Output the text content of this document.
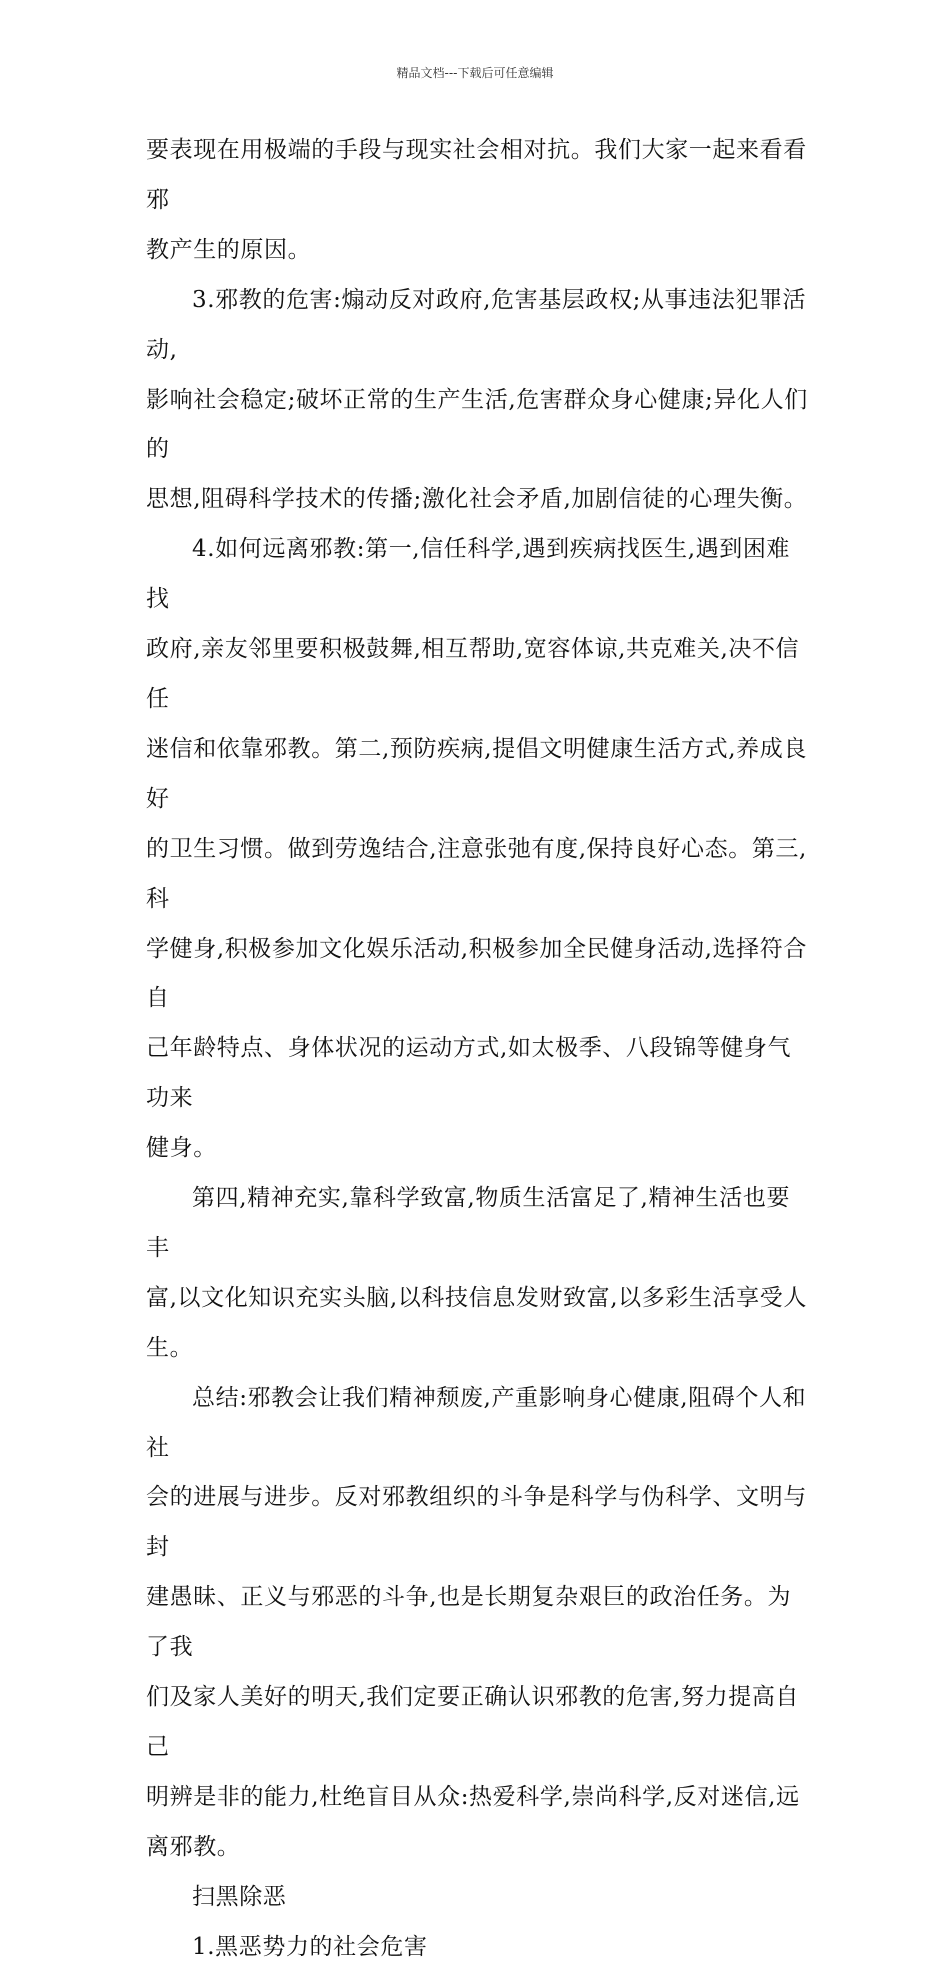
精品文档---下载后可任意编辑

要表现在用极端的手段与现实社会相对抗。我们大家一起来看看邪
教产生的原因。

3.邪教的危害:煽动反对政府,危害基层政权;从事违法犯罪活动,
影响社会稳定;破坏正常的生产生活,危害群众身心健康;异化人们的
思想,阻碍科学技术的传播;激化社会矛盾,加剧信徒的心理失衡。

4.如何远离邪教:第一,信任科学,遇到疾病找医生,遇到困难找
政府,亲友邻里要积极鼓舞,相互帮助,宽容体谅,共克难关,决不信任
迷信和依靠邪教。第二,预防疾病,提倡文明健康生活方式,养成良好
的卫生习惯。做到劳逸结合,注意张弛有度,保持良好心态。第三,科
学健身,积极参加文化娱乐活动,积极参加全民健身活动,选择符合自
己年龄特点、身体状况的运动方式,如太极季、八段锦等健身气功来
健身。

第四,精神充实,靠科学致富,物质生活富足了,精神生活也要丰
富,以文化知识充实头脑,以科技信息发财致富,以多彩生活享受人生。

总结:邪教会让我们精神颓废,产重影响身心健康,阻碍个人和社
会的进展与进步。反对邪教组织的斗争是科学与伪科学、文明与封
建愚昧、正义与邪恶的斗争,也是长期复杂艰巨的政治任务。为了我
们及家人美好的明天,我们定要正确认识邪教的危害,努力提高自己
明辨是非的能力,杜绝盲目从众:热爱科学,崇尚科学,反对迷信,远
离邪教。

扫黑除恶

1.黑恶势力的社会危害
